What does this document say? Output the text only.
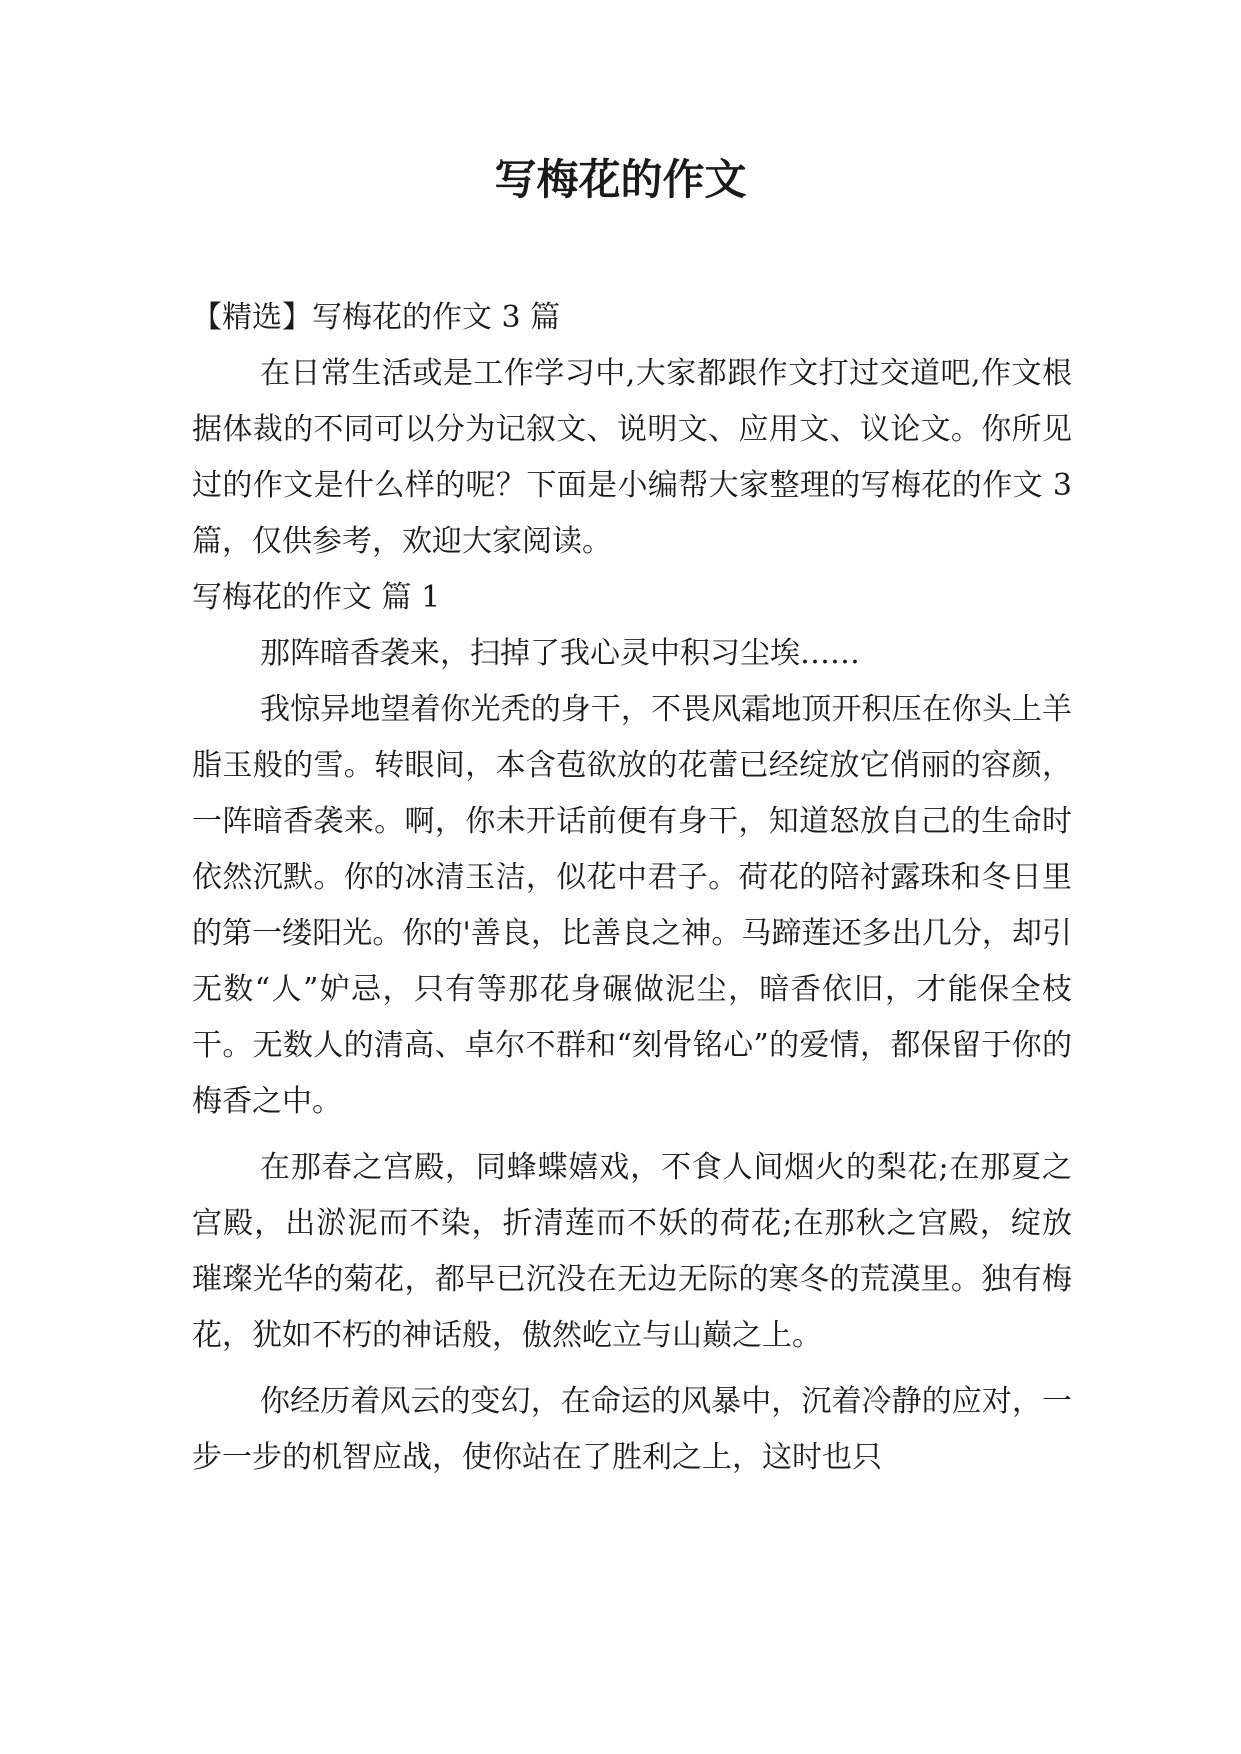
写梅花的作文

【精选】写梅花的作文 3 篇

在日常生活或是工作学习中,大家都跟作文打过交道吧,作文根据体裁的不同可以分为记叙文、说明文、应用文、议论文。你所见过的作文是什么样的呢？下面是小编帮大家整理的写梅花的作文 3 篇，仅供参考，欢迎大家阅读。

写梅花的作文 篇 1

那阵暗香袭来，扫掉了我心灵中积习尘埃……

我惊异地望着你光秃的身干，不畏风霜地顶开积压在你头上羊脂玉般的雪。转眼间，本含苞欲放的花蕾已经绽放它俏丽的容颜，一阵暗香袭来。啊，你未开话前便有身干，知道怒放自己的生命时依然沉默。你的冰清玉洁，似花中君子。荷花的陪衬露珠和冬日里的第一缕阳光。你的'善良，比善良之神。马蹄莲还多出几分，却引无数“人”妒忌，只有等那花身碾做泥尘，暗香依旧，才能保全枝干。无数人的清高、卓尔不群和“刻骨铭心”的爱情，都保留于你的梅香之中。

在那春之宫殿，同蜂蝶嬉戏，不食人间烟火的梨花;在那夏之宫殿，出淤泥而不染，折清莲而不妖的荷花;在那秋之宫殿，绽放璀璨光华的菊花，都早已沉没在无边无际的寒冬的荒漠里。独有梅花，犹如不朽的神话般，傲然屹立与山巅之上。

你经历着风云的变幻，在命运的风暴中，沉着冷静的应对，一步一步的机智应战，使你站在了胜利之上，这时也只
